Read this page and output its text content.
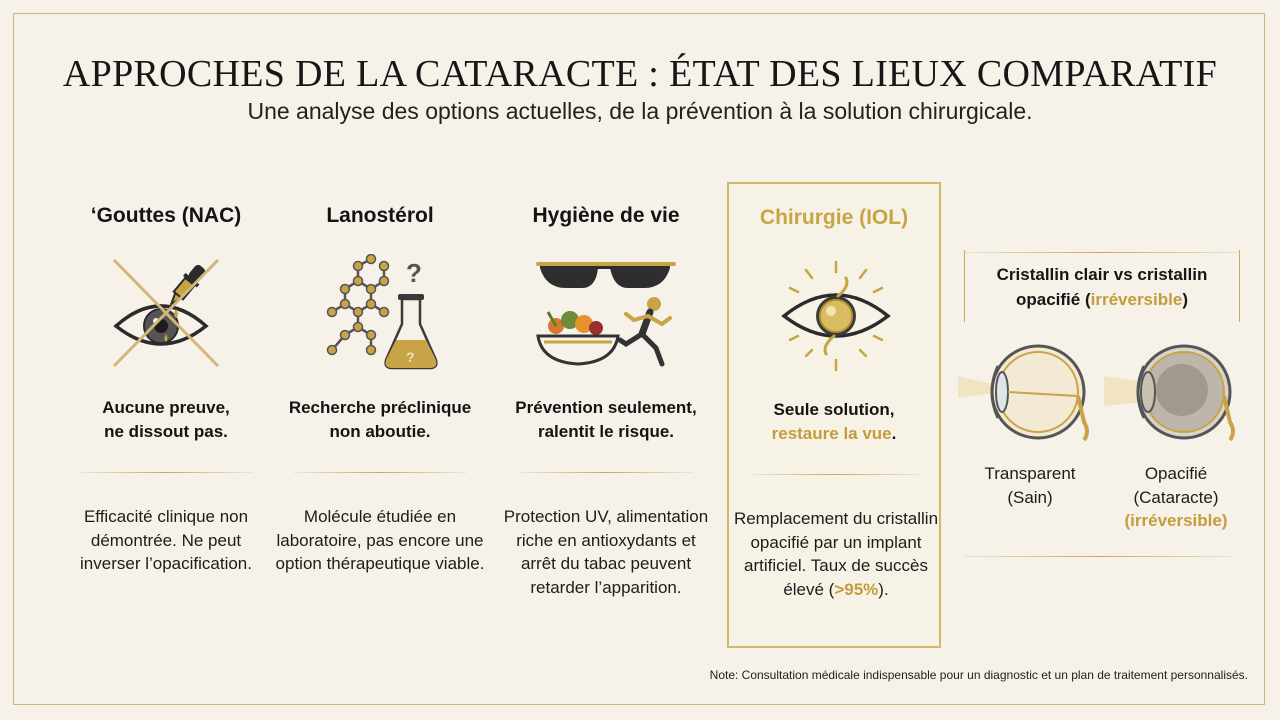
APPROCHES DE LA CATARACTE : ÉTAT DES LIEUX COMPARATIF
Une analyse des options actuelles, de la prévention à la solution chirurgicale.
‘Gouttes (NAC)
Aucune preuve,
ne dissout pas.
Efficacité clinique non démontrée. Ne peut inverser l’opacification.
Lanostérol
?
?
Recherche préclinique
non aboutie.
Molécule étudiée en laboratoire, pas encore une option thérapeutique viable.
Hygiène de vie
Prévention seulement,
ralentit le risque.
Protection UV, alimentation riche en antioxydants et arrêt du tabac peuvent retarder l’apparition.
Chirurgie (IOL)
Seule solution,
restaure la vue.
Remplacement du cristallin opacifié par un implant artificiel. Taux de succès élevé (>95%).
Cristallin clair vs cristallin opacifié (irréversible)
Transparent
(Sain)
Opacifié
(Cataracte)
(irréversible)
Note: Consultation médicale indispensable pour un diagnostic et un plan de traitement personnalisés.
